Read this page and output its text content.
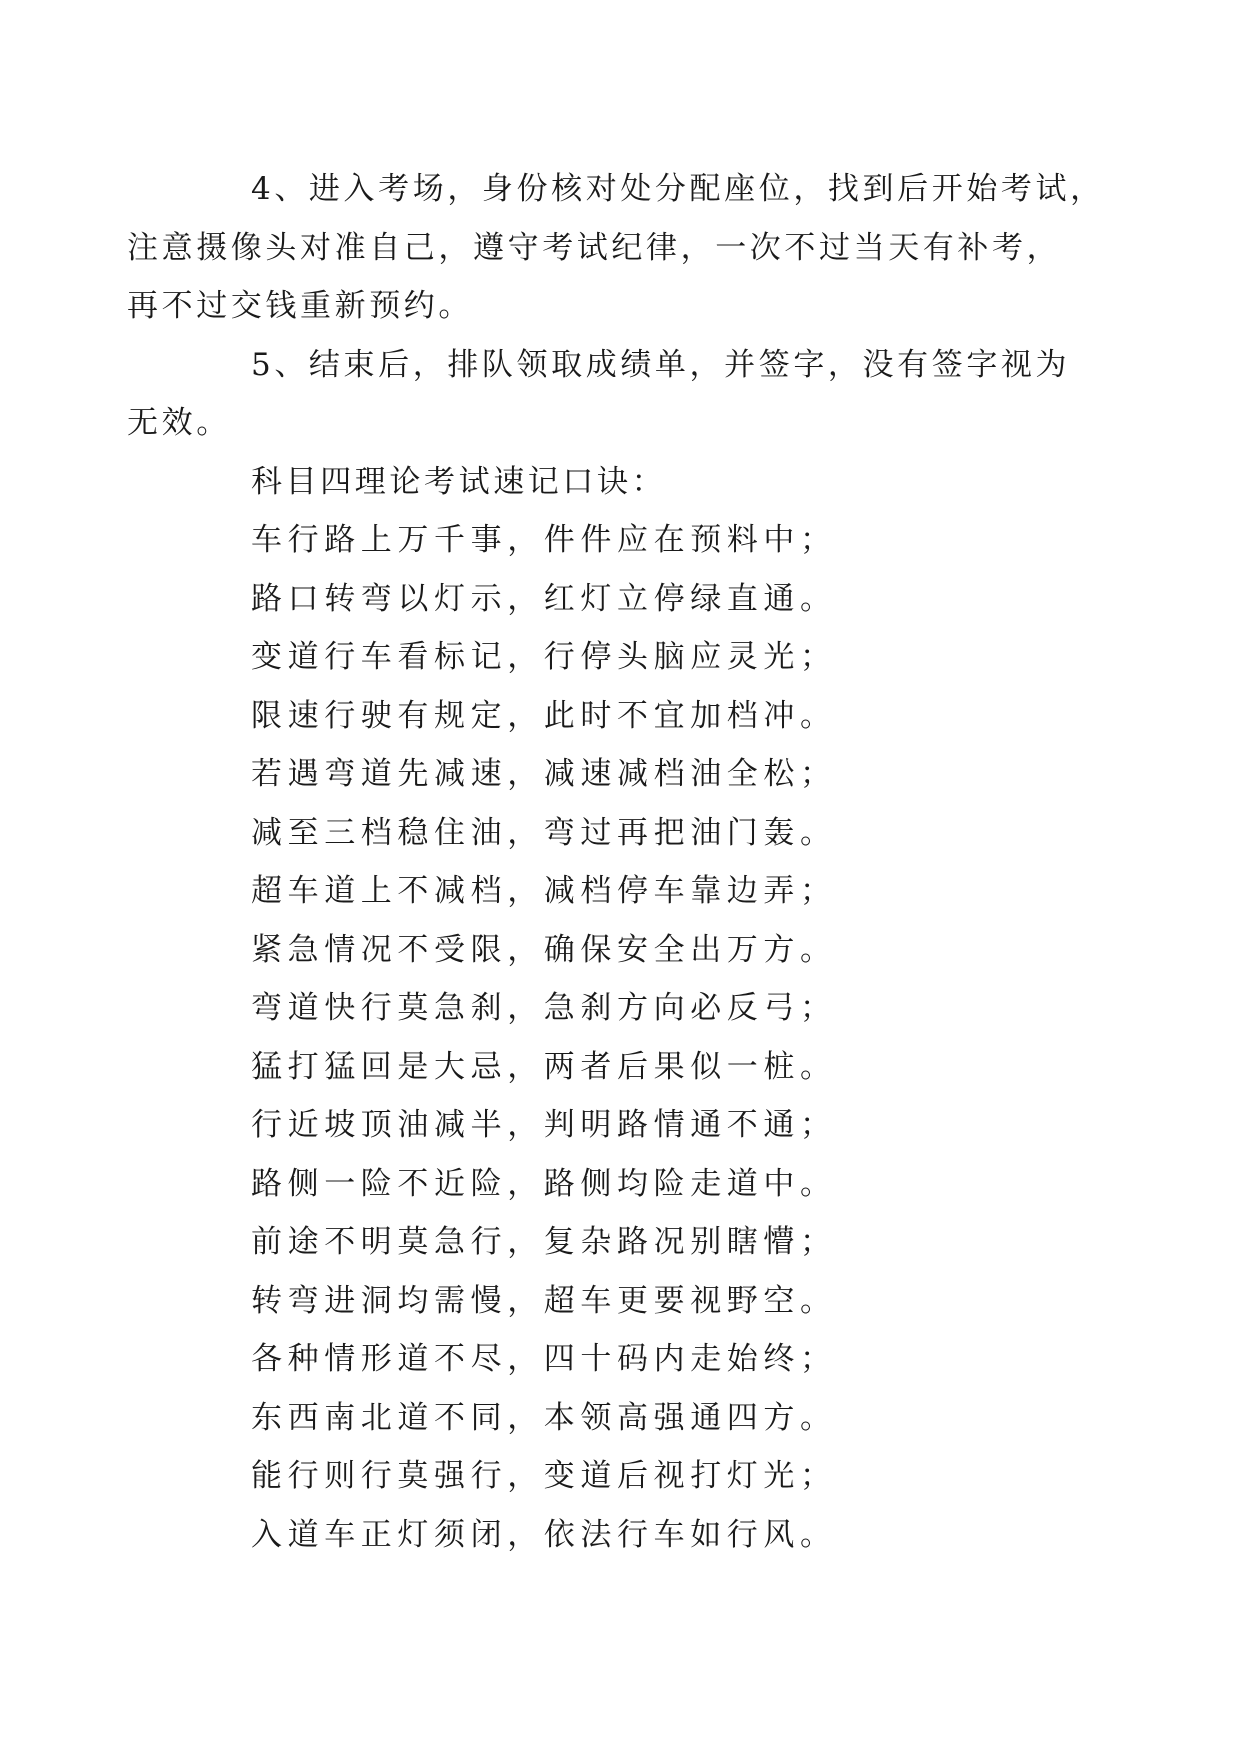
4、进入考场，身份核对处分配座位，找到后开始考试，
注意摄像头对准自己，遵守考试纪律，一次不过当天有补考，
再不过交钱重新预约。
5、结束后，排队领取成绩单，并签字，没有签字视为
无效。

科目四理论考试速记口诀：

车行路上万千事，件件应在预料中；

路口转弯以灯示，红灯立停绿直通。

变道行车看标记，行停头脑应灵光；

限速行驶有规定，此时不宜加档冲。

若遇弯道先减速，减速减档油全松；

减至三档稳住油，弯过再把油门轰。

超车道上不减档，减档停车靠边弄；

紧急情况不受限，确保安全出万方。

弯道快行莫急刹，急刹方向必反弓；

猛打猛回是大忌，两者后果似一桩。

行近坡顶油减半，判明路情通不通；

路侧一险不近险，路侧均险走道中。

前途不明莫急行，复杂路况别瞎懵；

转弯进洞均需慢，超车更要视野空。

各种情形道不尽，四十码内走始终；

东西南北道不同，本领高强通四方。

能行则行莫强行，变道后视打灯光；

入道车正灯须闭，依法行车如行风。
